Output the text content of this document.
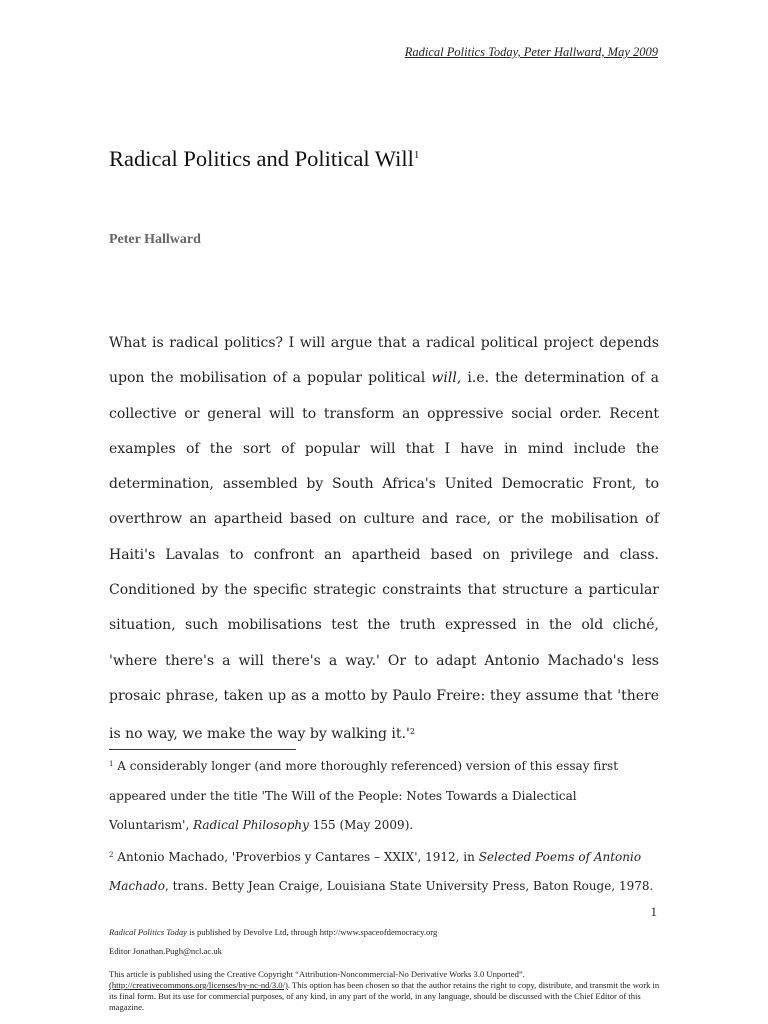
Radical Politics Today, Peter Hallward, May 2009
Radical Politics and Political Will$^1$
Peter Hallward

What is radical politics? I will argue that a radical political project depends upon the mobilisation of a popular political will, i.e. the determination of a collective or general will to transform an oppressive social order. Recent examples of the sort of popular will that I have in mind include the determination, assembled by South Africa's United Democratic Front, to overthrow an apartheid based on culture and race, or the mobilisation of Haiti's Lavalas to confront an apartheid based on privilege and class. Conditioned by the specific strategic constraints that structure a particular situation, such mobilisations test the truth expressed in the old cliché, 'where there's a will there's a way.' Or to adapt Antonio Machado's less prosaic phrase, taken up as a motto by Paulo Freire: they assume that 'there is no way, we make the way by walking $it.'^2$

$^1$ A considerably longer (and more thoroughly referenced) version of this essay first appeared under the title 'The Will of the People: Notes Towards a Dialectical Voluntarism', Radical Philosophy 155 (May 2009).

$^2$ Antonio Machado, 'Proverbios y Cantares – XXIX', 1912, in Selected Poems of Antonio Machado, trans. Betty Jean Craige, Louisiana State University Press, Baton Rouge, 1978.

1

Radical Politics Today is published by Devolve Ltd, through http://www.spaceofdemocracy.org

Editor Jonathan.Pugh@ncl.ac.uk

This article is published using the Creative Copyright “Attribution-Noncommercial-No Derivative Works 3.0 Unported”.
(http://creativecommons.org/licenses/by-nc-nd/3.0/). This option has been chosen so that the author retains the right to copy, distribute, and transmit the work in its final form. But its use for commercial purposes, of any kind, in any part of the world, in any language, should be discussed with the Chief Editor of this magazine.
